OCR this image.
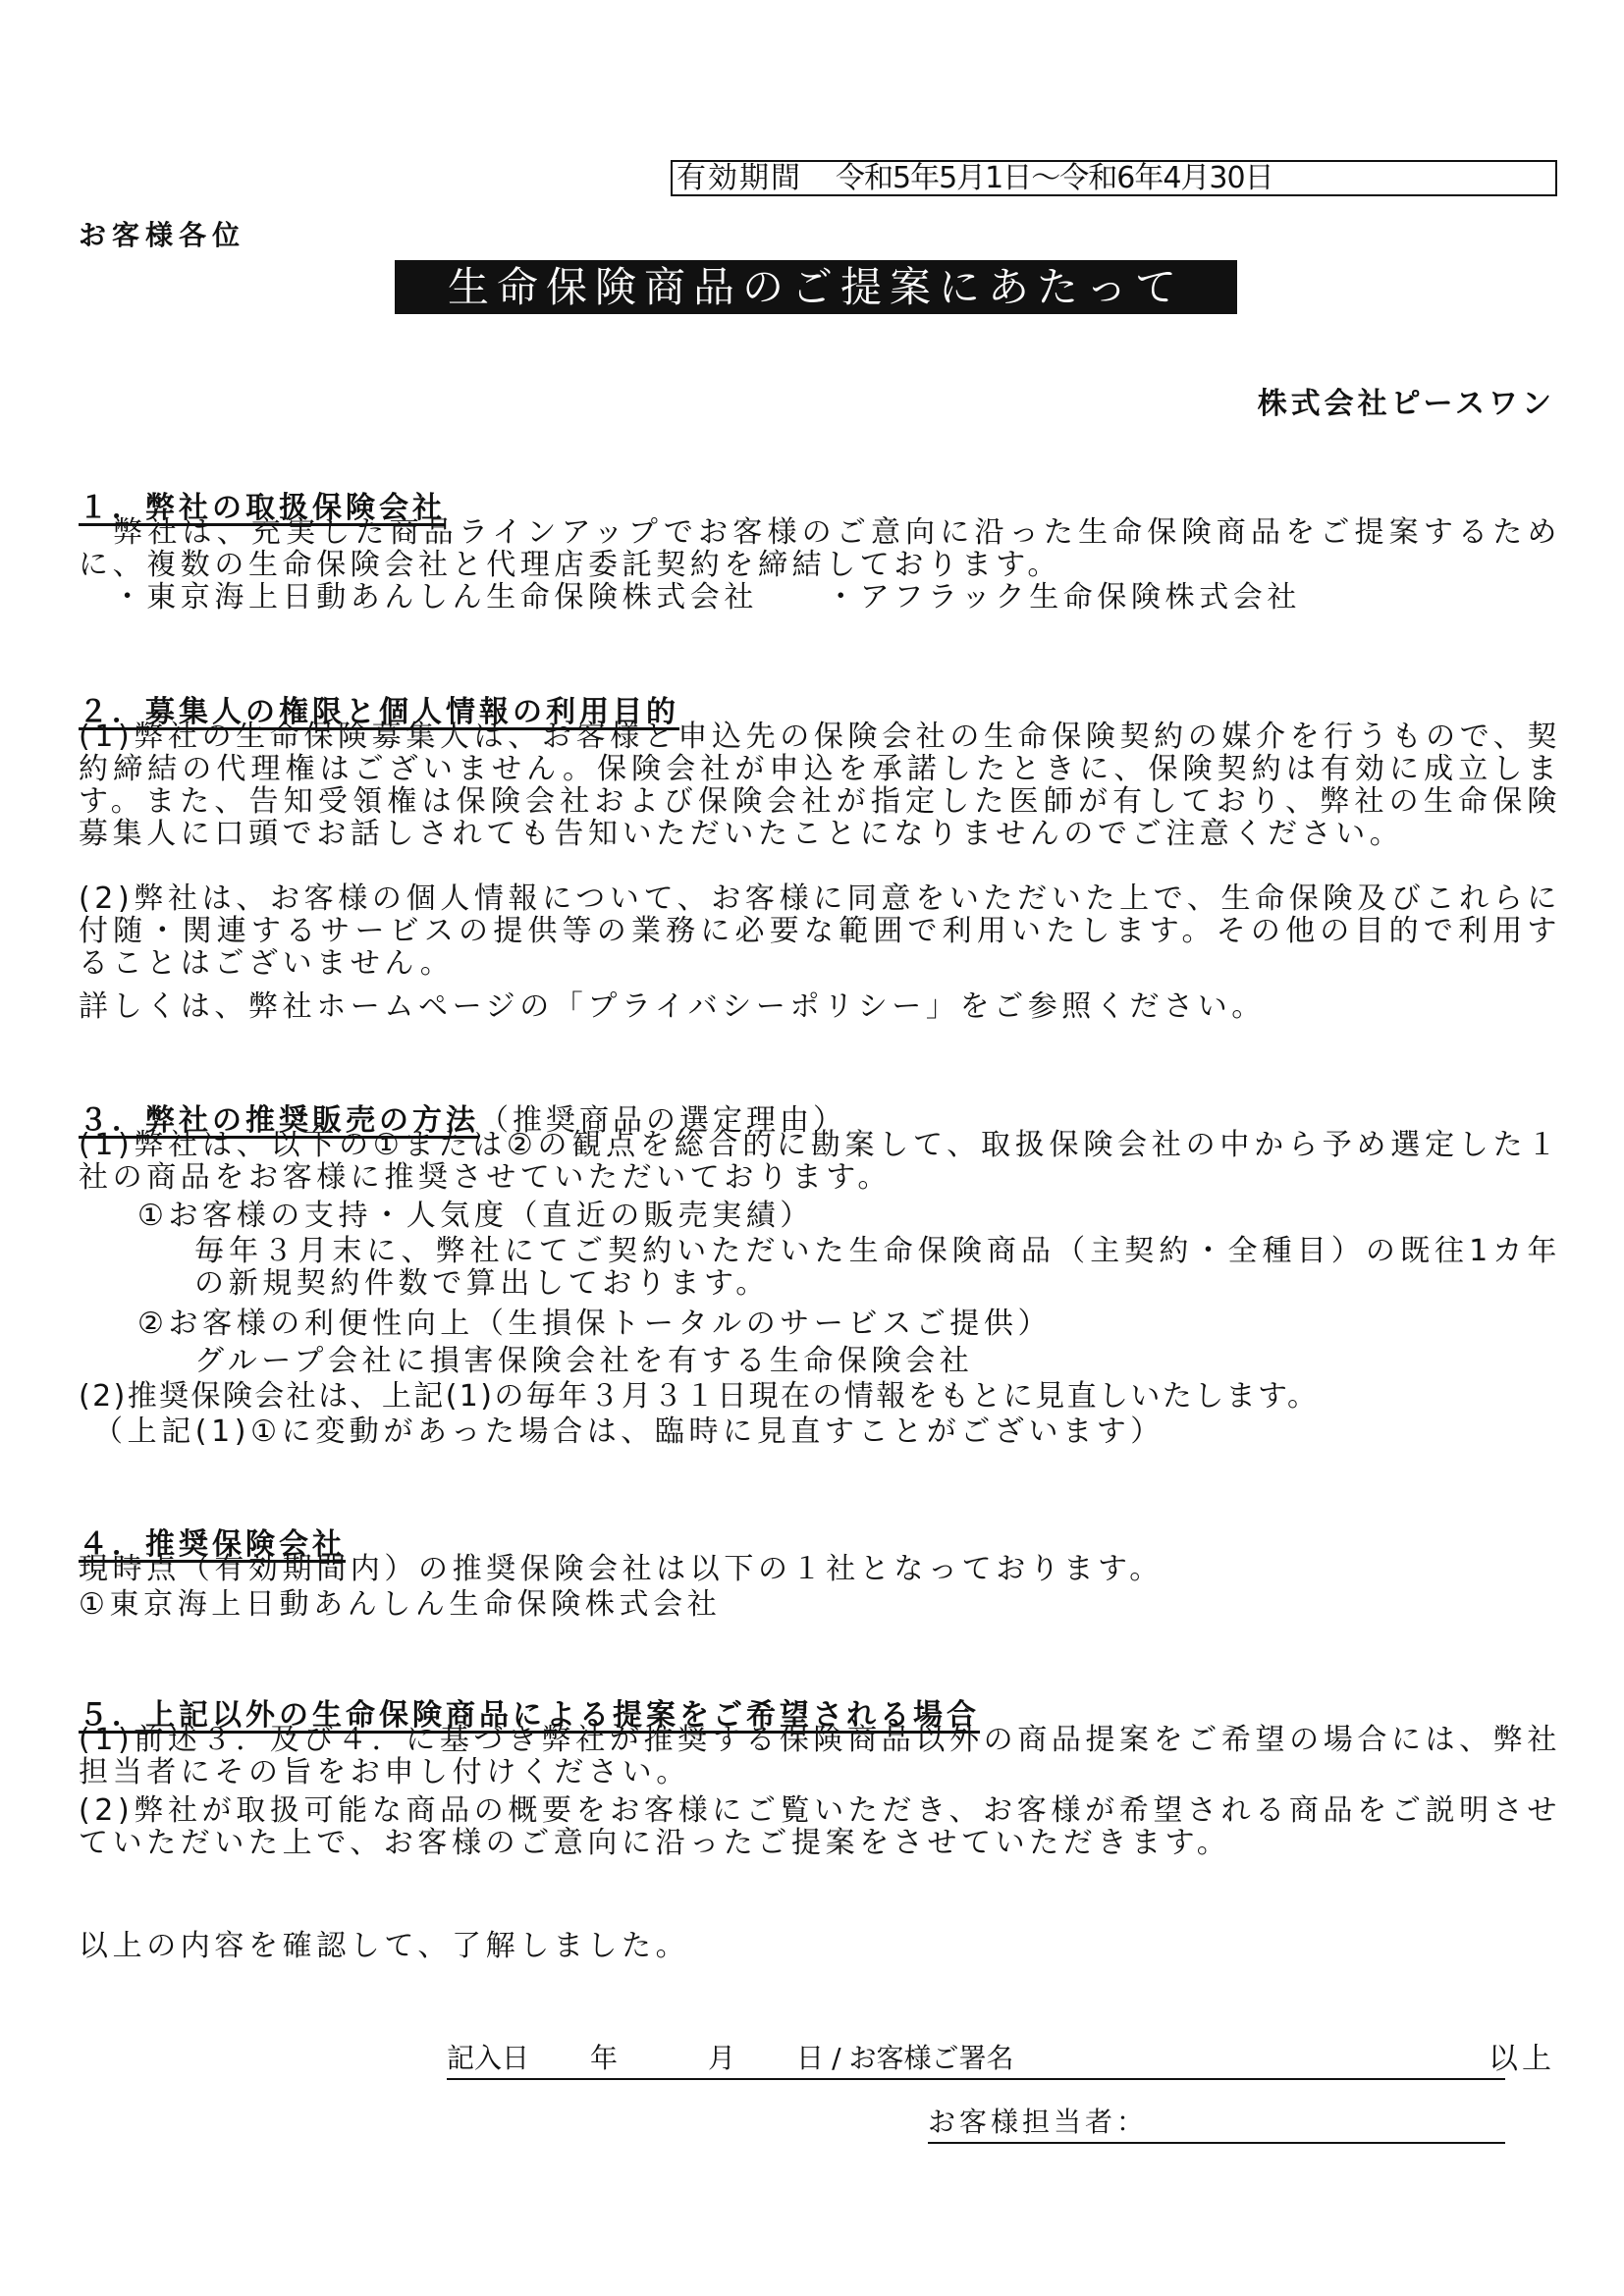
有効期間 令和5年5月1日～令和6年4月30日
お客様各位
生命保険商品のご提案にあたって
株式会社ピースワン
１．弊社の取扱保険会社
　弊社は、充実した商品ラインアップでお客様のご意向に沿った生命保険商品をご提案するために、複数の生命保険会社と代理店委託契約を締結しております。
　・東京海上日動あんしん生命保険株式会社　　・アフラック生命保険株式会社
２．募集人の権限と個人情報の利用目的
(1)弊社の生命保険募集人は、お客様と申込先の保険会社の生命保険契約の媒介を行うもので、契約締結の代理権はございません。保険会社が申込を承諾したときに、保険契約は有効に成立します。また、告知受領権は保険会社および保険会社が指定した医師が有しており、弊社の生命保険募集人に口頭でお話しされても告知いただいたことになりませんのでご注意ください。
(2)弊社は、お客様の個人情報について、お客様に同意をいただいた上で、生命保険及びこれらに付随・関連するサービスの提供等の業務に必要な範囲で利用いたします。その他の目的で利用することはございません。
詳しくは、弊社ホームページの「プライバシーポリシー」をご参照ください。
３．弊社の推奨販売の方法（推奨商品の選定理由）
(1)弊社は、以下の①または②の観点を総合的に勘案して、取扱保険会社の中から予め選定した１社の商品をお客様に推奨させていただいております。
①お客様の支持・人気度（直近の販売実績）
毎年３月末に、弊社にてご契約いただいた生命保険商品（主契約・全種目）の既往1カ年の新規契約件数で算出しております。
②お客様の利便性向上（生損保トータルのサービスご提供）
グループ会社に損害保険会社を有する生命保険会社
(2)推奨保険会社は、上記(1)の毎年３月３１日現在の情報をもとに見直しいたします。
（上記(1)①に変動があった場合は、臨時に見直すことがございます）
４．推奨保険会社
現時点（有効期間内）の推奨保険会社は以下の１社となっております。
①東京海上日動あんしん生命保険株式会社
５．上記以外の生命保険商品による提案をご希望される場合
(1)前述３．及び４．に基づき弊社が推奨する保険商品以外の商品提案をご希望の場合には、弊社担当者にその旨をお申し付けください。
(2)弊社が取扱可能な商品の概要をお客様にご覧いただき、お客様が希望される商品をご説明させていただいた上で、お客様のご意向に沿ったご提案をさせていただきます。
以上
以上の内容を確認して、了解しました。
記入日 年	月 日 / お客様ご署名
お客様担当者：
